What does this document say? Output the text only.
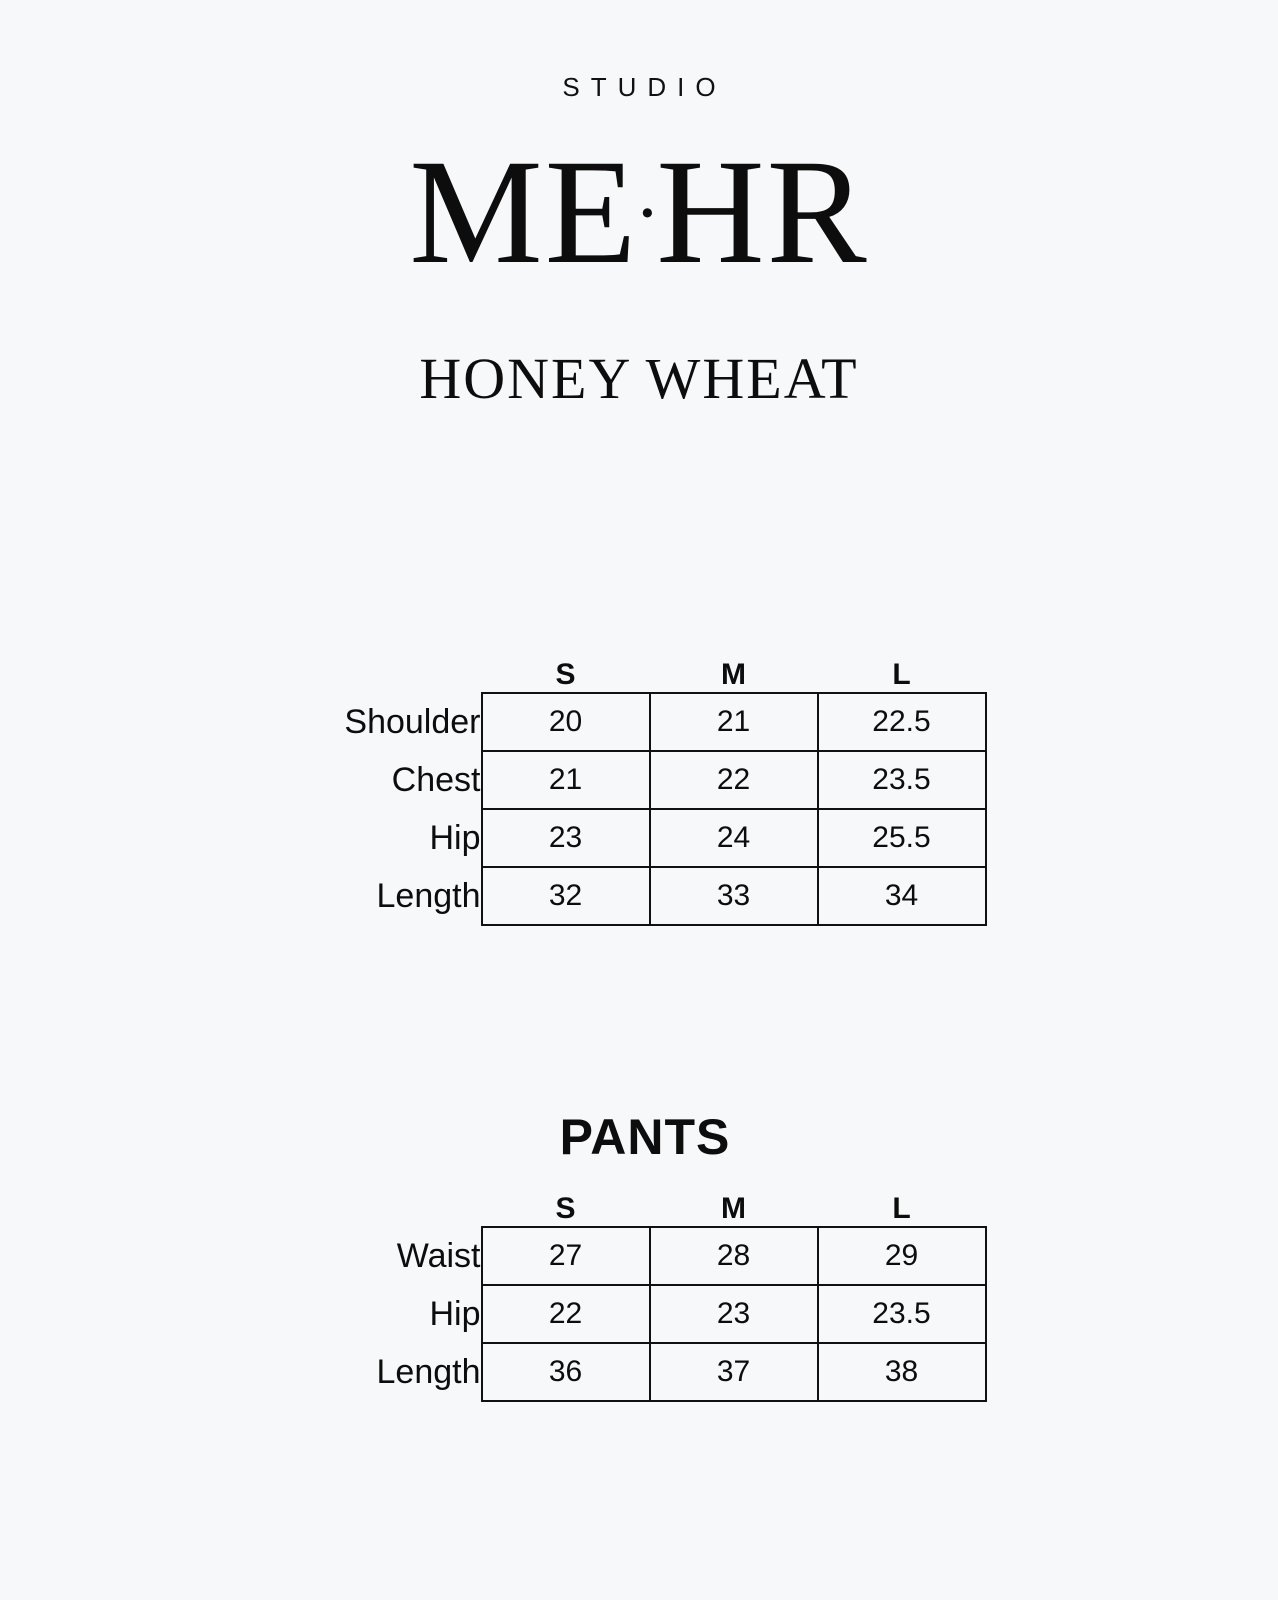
STUDIO
ME·HR
HONEY WHEAT
	S	M	L
Shoulder	20	21	22.5
Chest	21	22	23.5
Hip	23	24	25.5
Length	32	33	34
PANTS
	S	M	L
Waist	27	28	29
Hip	22	23	23.5
Length	36	37	38
